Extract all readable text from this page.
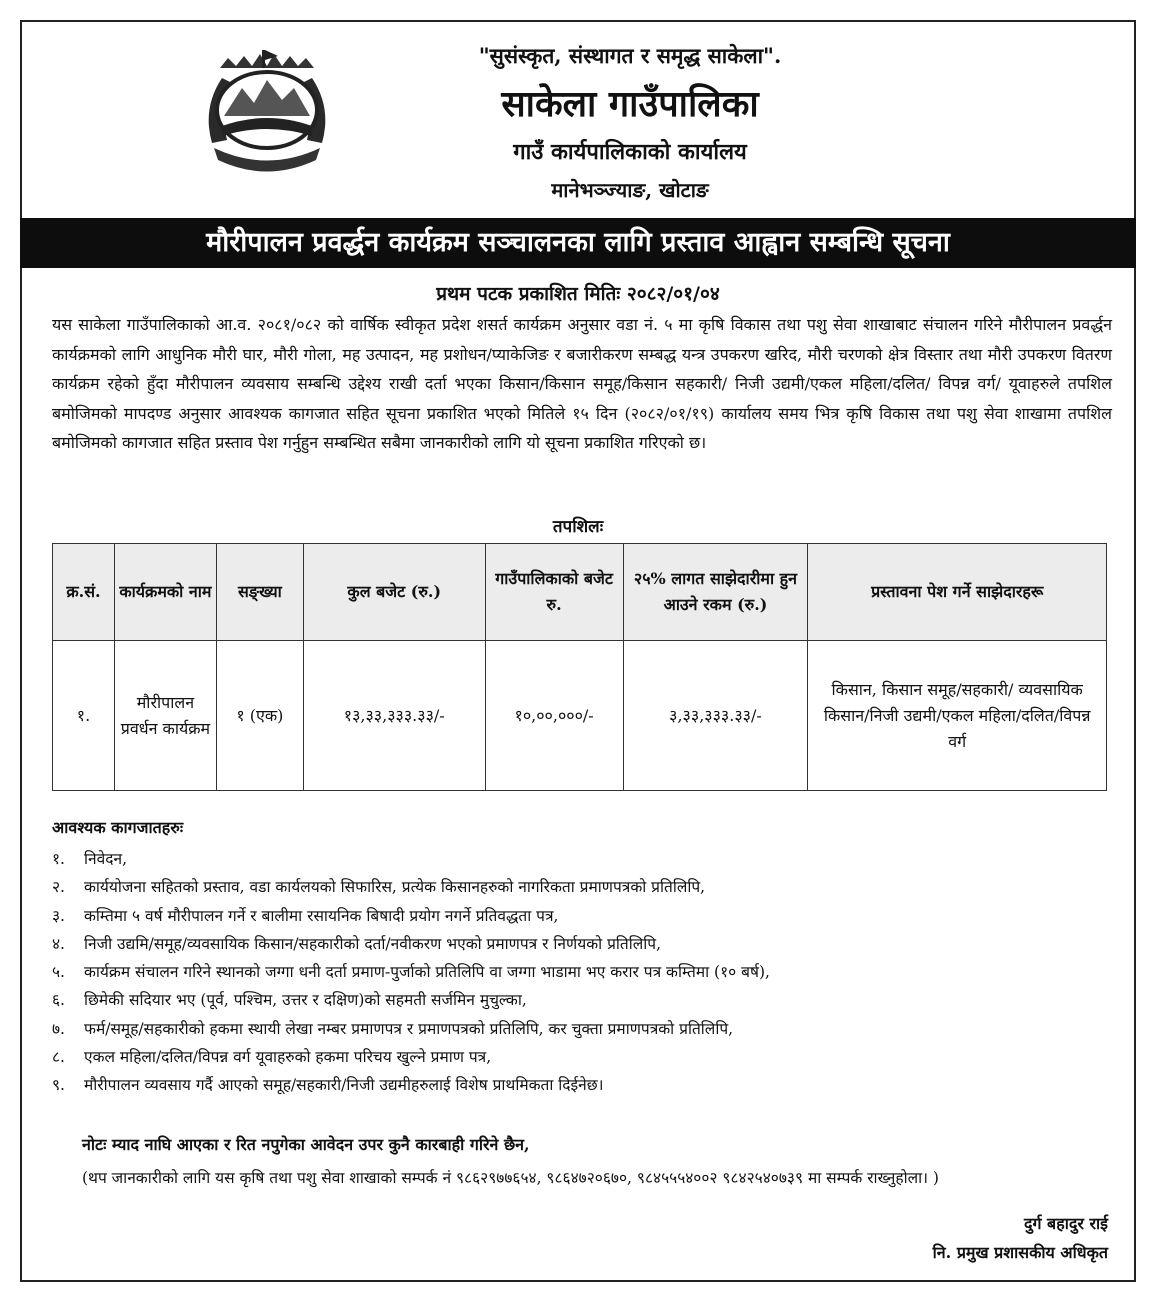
"सुसंस्कृत, संस्थागत र समृद्ध साकेला".
साकेला गाउँपालिका
गाउँ कार्यपालिकाको कार्यालय
मानेभञ्ज्याङ, खोटाङ
मौरीपालन प्रवर्द्धन कार्यक्रम सञ्चालनका लागि प्रस्ताव आह्वान सम्बन्धि सूचना
प्रथम पटक प्रकाशित मितिः २०८२/०१/०४
यस साकेला गाउँपालिकाको आ.व. २०८१/०८२ को वार्षिक स्वीकृत प्रदेश शसर्त कार्यक्रम अनुसार वडा नं. ५ मा कृषि विकास तथा पशु सेवा शाखाबाट संचालन गरिने मौरीपालन प्रवर्द्धन कार्यक्रमको लागि आधुनिक मौरी घार, मौरी गोला, मह उत्पादन, मह प्रशोधन/प्याकेजिङ र बजारीकरण सम्बद्ध यन्त्र उपकरण खरिद, मौरी चरणको क्षेत्र विस्तार तथा मौरी उपकरण वितरण कार्यक्रम रहेको हुँदा मौरीपालन व्यवसाय सम्बन्धि उद्देश्य राखी दर्ता भएका किसान/किसान समूह/किसान सहकारी/ निजी उद्यमी/एकल महिला/दलित/ विपन्न वर्ग/ यूवाहरुले तपशिल बमोजिमको मापदण्ड अनुसार आवश्यक कागजात सहित सूचना प्रकाशित भएको मितिले १५ दिन (२०८२/०१/१९) कार्यालय समय भित्र कृषि विकास तथा पशु सेवा शाखामा तपशिल बमोजिमको कागजात सहित प्रस्ताव पेश गर्नुहुन सम्बन्धित सबैमा जानकारीको लागि यो सूचना प्रकाशित गरिएको छ।
तपशिलः
क्र.सं.	कार्यक्रमको नाम	सङ्ख्या	कुल बजेट (रु.)	गाउँपालिकाको बजेट रु.	२५% लागत साझेदारीमा हुन आउने रकम (रु.)	प्रस्तावना पेश गर्ने साझेदारहरू
१.	मौरीपालन प्रवर्धन कार्यक्रम	१ (एक)	१३,३३,३३३.३३/-	१०,००,०००/-	३,३३,३३३.३३/-	किसान, किसान समूह/सहकारी/ व्यवसायिक किसान/निजी उद्यमी/एकल महिला/दलित/विपन्न वर्ग
आवश्यक कागजातहरुः
१. निवेदन,
२. कार्ययोजना सहितको प्रस्ताव, वडा कार्यलयको सिफारिस, प्रत्येक किसानहरुको नागरिकता प्रमाणपत्रको प्रतिलिपि,
३. कम्तिमा ५ वर्ष मौरीपालन गर्ने र बालीमा रसायनिक बिषादी प्रयोग नगर्ने प्रतिवद्धता पत्र,
४. निजी उद्यमि/समूह/व्यवसायिक किसान/सहकारीको दर्ता/नवीकरण भएको प्रमाणपत्र र निर्णयको प्रतिलिपि,
५. कार्यक्रम संचालन गरिने स्थानको जग्गा धनी दर्ता प्रमाण-पुर्जाको प्रतिलिपि वा जग्गा भाडामा भए करार पत्र कम्तिमा (१० बर्ष),
६. छिमेकी सदियार भए (पूर्व, पश्चिम, उत्तर र दक्षिण)को सहमती सर्जमिन मुचुल्का,
७. फर्म/समूह/सहकारीको हकमा स्थायी लेखा नम्बर प्रमाणपत्र र प्रमाणपत्रको प्रतिलिपि, कर चुक्ता प्रमाणपत्रको प्रतिलिपि,
८. एकल महिला/दलित/विपन्न वर्ग यूवाहरुको हकमा परिचय खुल्ने प्रमाण पत्र,
९. मौरीपालन व्यवसाय गर्दै आएको समूह/सहकारी/निजी उद्यमीहरुलाई विशेष प्राथमिकता दिईनेछ।
नोटः म्याद नाघि आएका र रित नपुगेका आवेदन उपर कुनै कारबाही गरिने छैन,
(थप जानकारीको लागि यस कृषि तथा पशु सेवा शाखाको सम्पर्क नं ९८६२९७७६५४, ९८६४७२०६७०, ९८४५५५४००२ ९८४२५४०७३९ मा सम्पर्क राख्नुहोला। )
दुर्ग बहादुर राई
नि. प्रमुख प्रशासकीय अधिकृत
